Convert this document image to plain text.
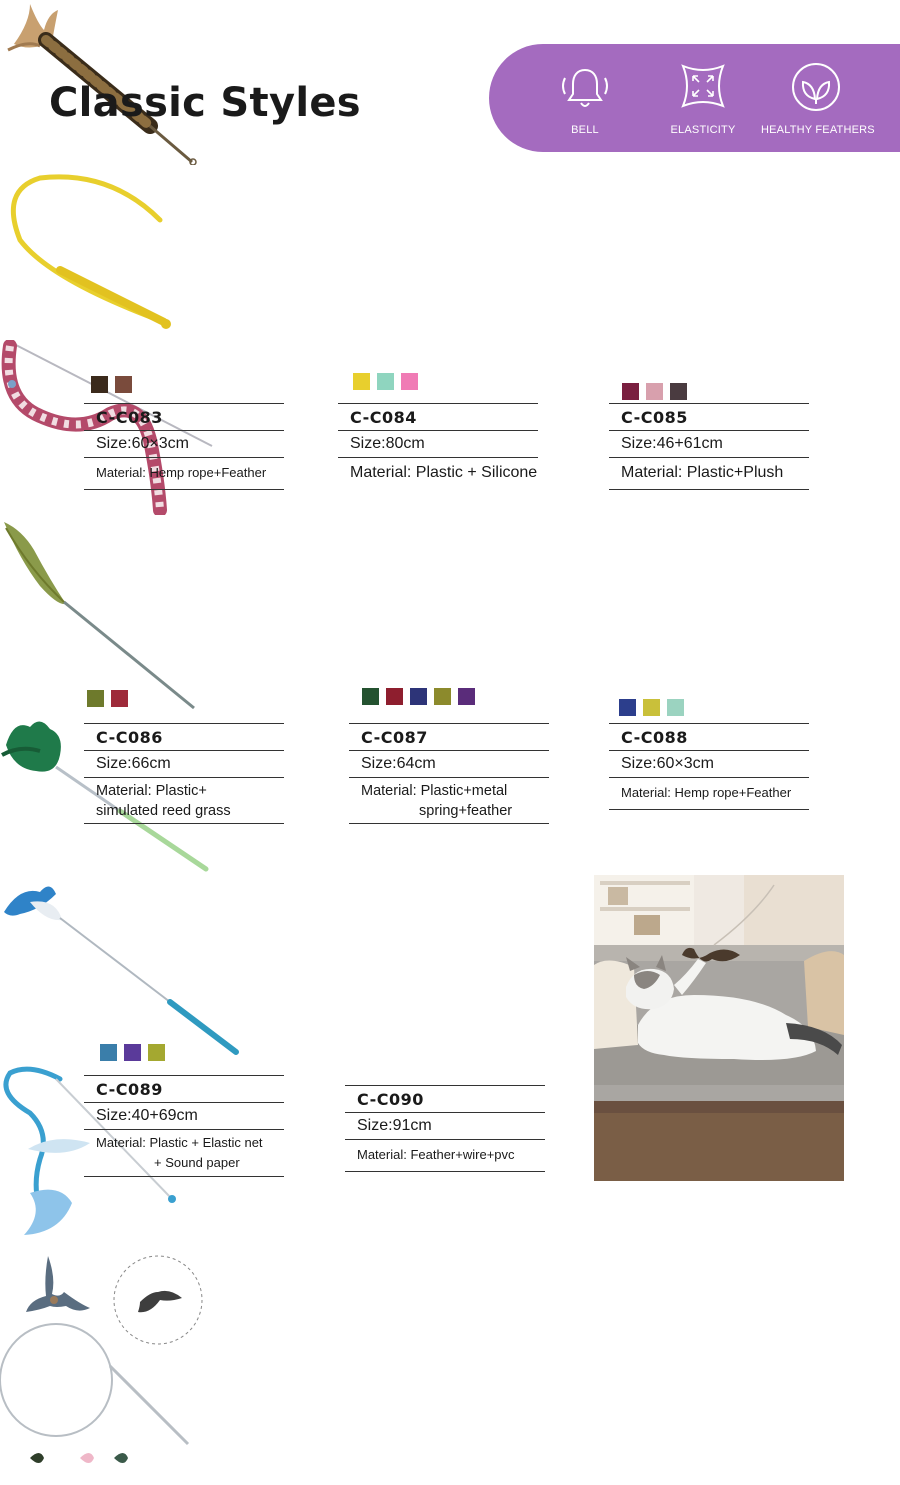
Classic Styles
BELL	ELASTICITY	HEALTHY FEATHERS
C-C083
Size:60×3cm
Material: Hemp rope+Feather
C-C084
Size:80cm
Material: Plastic + Silicone
C-C085
Size:46+61cm
Material: Plastic+Plush
C-C086
Size:66cm
Material: Plastic+
simulated reed grass
C-C087
Size:64cm
Material: Plastic+metal

spring+feather
C-C088
Size:60×3cm
Material: Hemp rope+Feather
C-C089
Size:40+69cm
Material: Plastic + Elastic net

+ Sound paper
C-C090
Size:91cm
Material: Feather+wire+pvc
